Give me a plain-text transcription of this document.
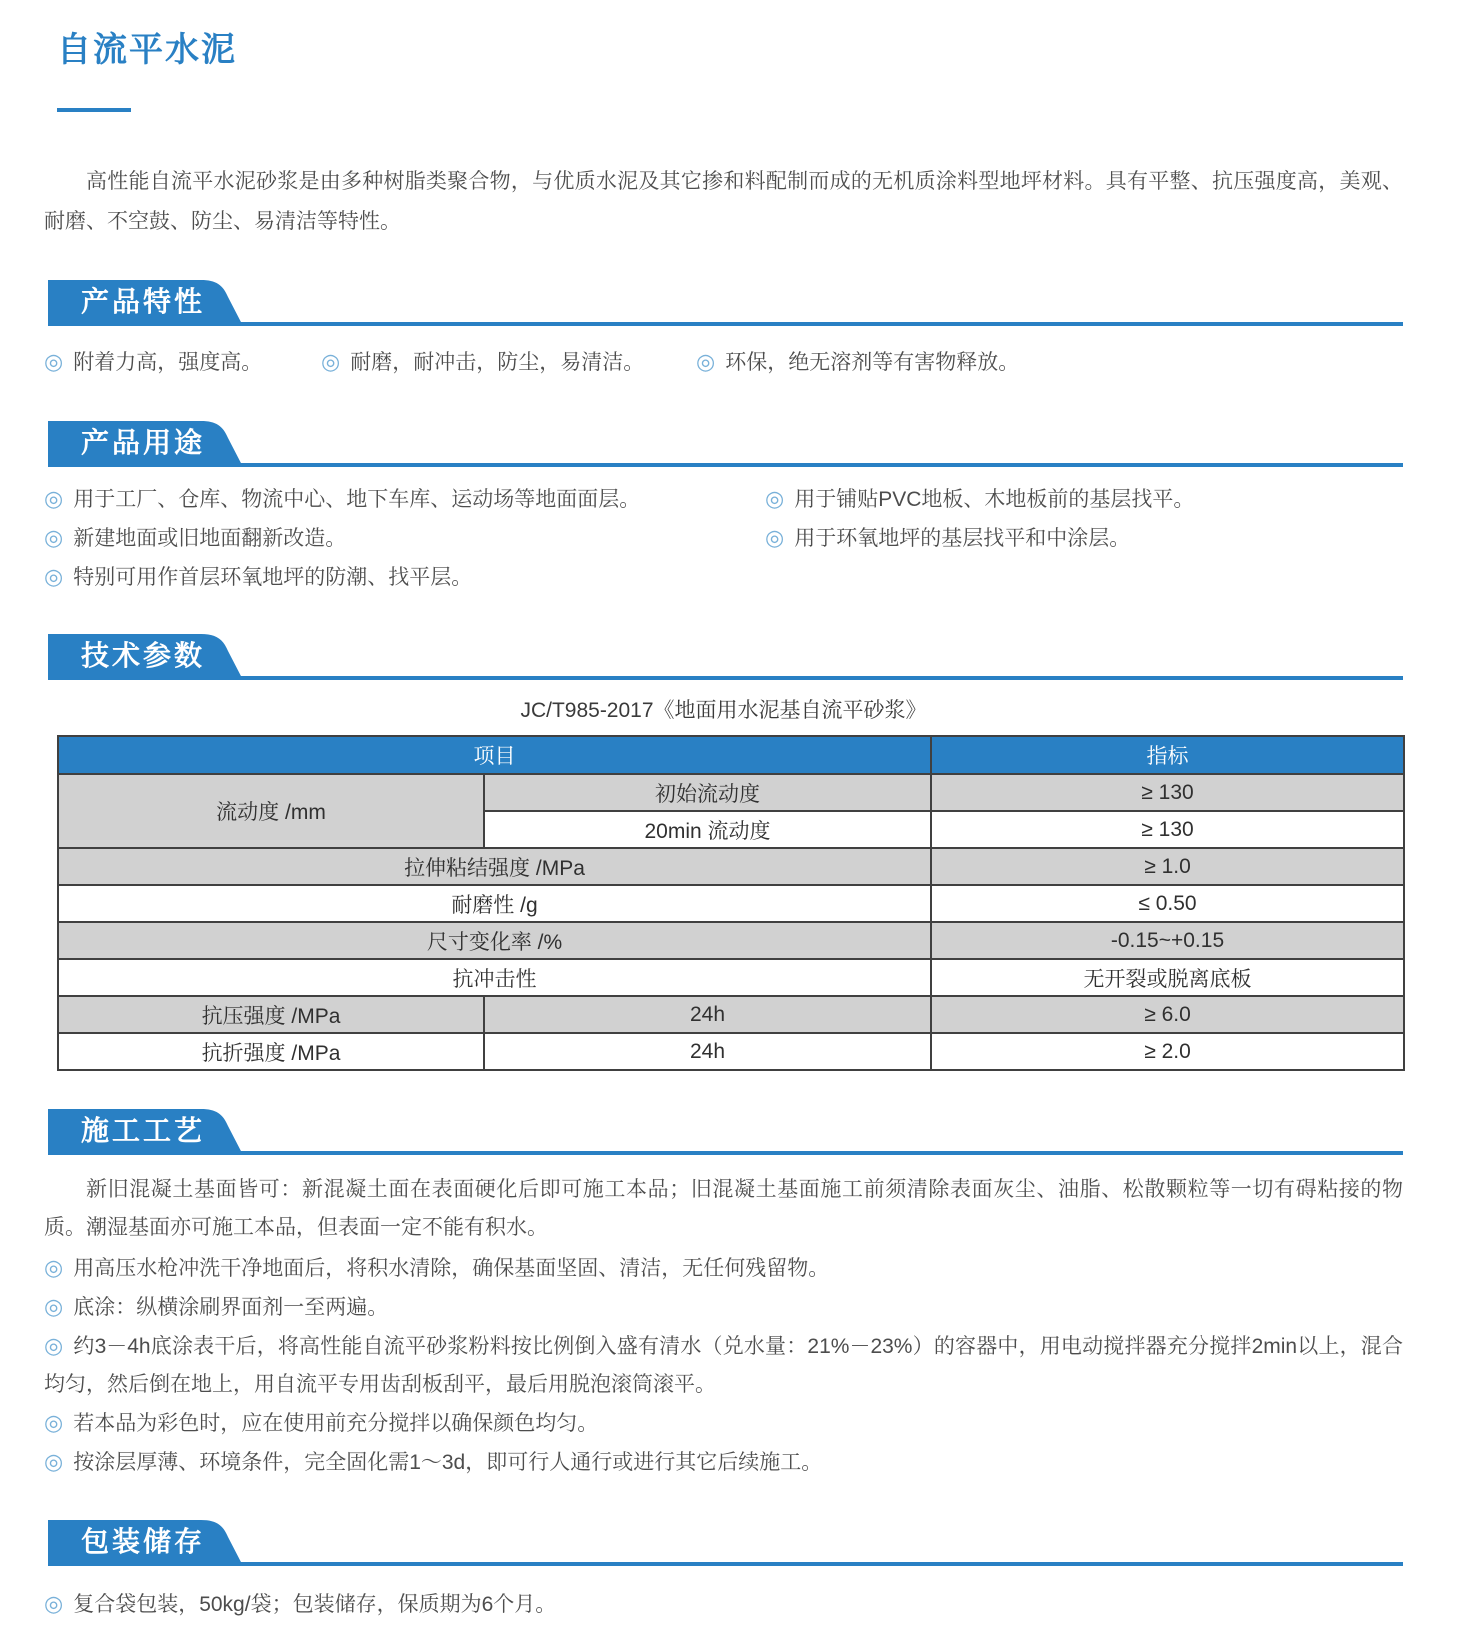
自流平水泥

高性能自流平水泥砂浆是由多种树脂类聚合物，与优质水泥及其它掺和料配制而成的无机质涂料型地坪材料。具有平整、抗压强度高，美观、耐磨、不空鼓、防尘、易清洁等特性。

产品特性

◎ 附着力高，强度高。	◎ 耐磨，耐冲击，防尘，易清洁。	◎ 环保，绝无溶剂等有害物释放。

产品用途

◎ 用于工厂、仓库、物流中心、地下车库、运动场等地面面层。

◎ 新建地面或旧地面翻新改造。

◎ 特别可用作首层环氧地坪的防潮、找平层。

◎ 用于铺贴PVC地板、木地板前的基层找平。

◎ 用于环氧地坪的基层找平和中涂层。

技术参数

JC/T985-2017《地面用水泥基自流平砂浆》

项目		指标
流动度 /mm	初始流动度	≥ 130
	20min 流动度	≥ 130
拉伸粘结强度 /MPa		≥ 1.0
耐磨性 /g		≤ 0.50
尺寸变化率 /%		-0.15~+0.15
抗冲击性		无开裂或脱离底板
抗压强度 /MPa	24h	≥ 6.0
抗折强度 /MPa	24h	≥ 2.0
施工工艺

新旧混凝土基面皆可：新混凝土面在表面硬化后即可施工本品；旧混凝土基面施工前须清除表面灰尘、油脂、松散颗粒等一切有碍粘接的物质。潮湿基面亦可施工本品，但表面一定不能有积水。

◎ 用高压水枪冲洗干净地面后，将积水清除，确保基面坚固、清洁，无任何残留物。

◎ 底涂：纵横涂刷界面剂一至两遍。

◎ 约3－4h底涂表干后，将高性能自流平砂浆粉料按比例倒入盛有清水（兑水量：21%－23%）的容器中，用电动搅拌器充分搅拌2min以上，混合均匀，然后倒在地上，用自流平专用齿刮板刮平，最后用脱泡滚筒滚平。

◎ 若本品为彩色时，应在使用前充分搅拌以确保颜色均匀。

◎ 按涂层厚薄、环境条件，完全固化需1～3d，即可行人通行或进行其它后续施工。

包装储存

◎ 复合袋包装，50kg/袋；包装储存，保质期为6个月。
